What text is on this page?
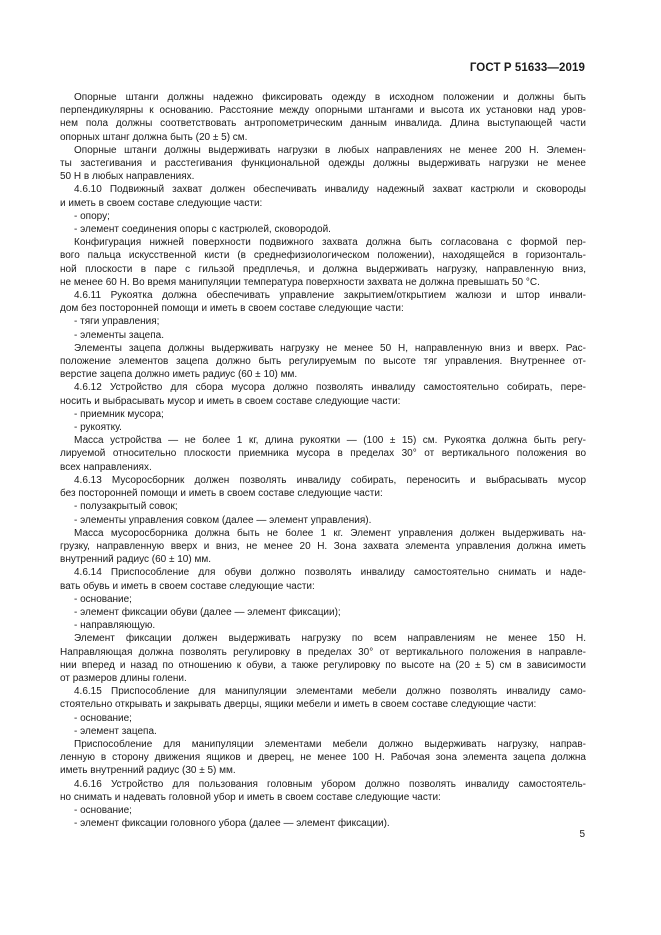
ГОСТ Р 51633—2019
Опорные штанги должны надежно фиксировать одежду в исходном положении и должны быть
перпендикулярны к основанию. Расстояние между опорными штангами и высота их установки над уров-
нем пола должны соответствовать антропометрическим данным инвалида. Длина выступающей части
опорных штанг должна быть (20 ± 5) см.
Опорные штанги должны выдерживать нагрузки в любых направлениях не менее 200 Н. Элемен-
ты застегивания и расстегивания функциональной одежды должны выдерживать нагрузки не менее
50 Н в любых направлениях.
4.6.10 Подвижный захват должен обеспечивать инвалиду надежный захват кастрюли и сковороды
и иметь в своем составе следующие части:
- опору;
- элемент соединения опоры с кастрюлей, сковородой.
Конфигурация нижней поверхности подвижного захвата должна быть согласована с формой пер-
вого пальца искусственной кисти (в среднефизиологическом положении), находящейся в горизонталь-
ной плоскости в паре с гильзой предплечья, и должна выдерживать нагрузку, направленную вниз,
не менее 60 Н. Во время манипуляции температура поверхности захвата не должна превышать 50 °С.
4.6.11 Рукоятка должна обеспечивать управление закрытием/открытием жалюзи и штор инвали-
дом без посторонней помощи и иметь в своем составе следующие части:
- тяги управления;
- элементы зацепа.
Элементы зацепа должны выдерживать нагрузку не менее 50 Н, направленную вниз и вверх. Рас-
положение элементов зацепа должно быть регулируемым по высоте тяг управления. Внутреннее от-
верстие зацепа должно иметь радиус (60 ± 10) мм.
4.6.12 Устройство для сбора мусора должно позволять инвалиду самостоятельно собирать, пере-
носить и выбрасывать мусор и иметь в своем составе следующие части:
- приемник мусора;
- рукоятку.
Масса устройства — не более 1 кг, длина рукоятки — (100 ± 15) см. Рукоятка должна быть регу-
лируемой относительно плоскости приемника мусора в пределах 30° от вертикального положения во
всех направлениях.
4.6.13 Мусоросборник должен позволять инвалиду собирать, переносить и выбрасывать мусор
без посторонней помощи и иметь в своем составе следующие части:
- полузакрытый совок;
- элементы управления совком (далее — элемент управления).
Масса мусоросборника должна быть не более 1 кг. Элемент управления должен выдерживать на-
грузку, направленную вверх и вниз, не менее 20 Н. Зона захвата элемента управления должна иметь
внутренний радиус (60 ± 10) мм.
4.6.14 Приспособление для обуви должно позволять инвалиду самостоятельно снимать и наде-
вать обувь и иметь в своем составе следующие части:
- основание;
- элемент фиксации обуви (далее — элемент фиксации);
- направляющую.
Элемент фиксации должен выдерживать нагрузку по всем направлениям не менее 150 Н.
Направляющая должна позволять регулировку в пределах 30° от вертикального положения в направле-
нии вперед и назад по отношению к обуви, а также регулировку по высоте на (20 ± 5) см в зависимости
от размеров длины голени.
4.6.15 Приспособление для манипуляции элементами мебели должно позволять инвалиду само-
стоятельно открывать и закрывать дверцы, ящики мебели и иметь в своем составе следующие части:
- основание;
- элемент зацепа.
Приспособление для манипуляции элементами мебели должно выдерживать нагрузку, направ-
ленную в сторону движения ящиков и дверец, не менее 100 Н. Рабочая зона элемента зацепа должна
иметь внутренний радиус (30 ± 5) мм.
4.6.16 Устройство для пользования головным убором должно позволять инвалиду самостоятель-
но снимать и надевать головной убор и иметь в своем составе следующие части:
- основание;
- элемент фиксации головного убора (далее — элемент фиксации).
5
